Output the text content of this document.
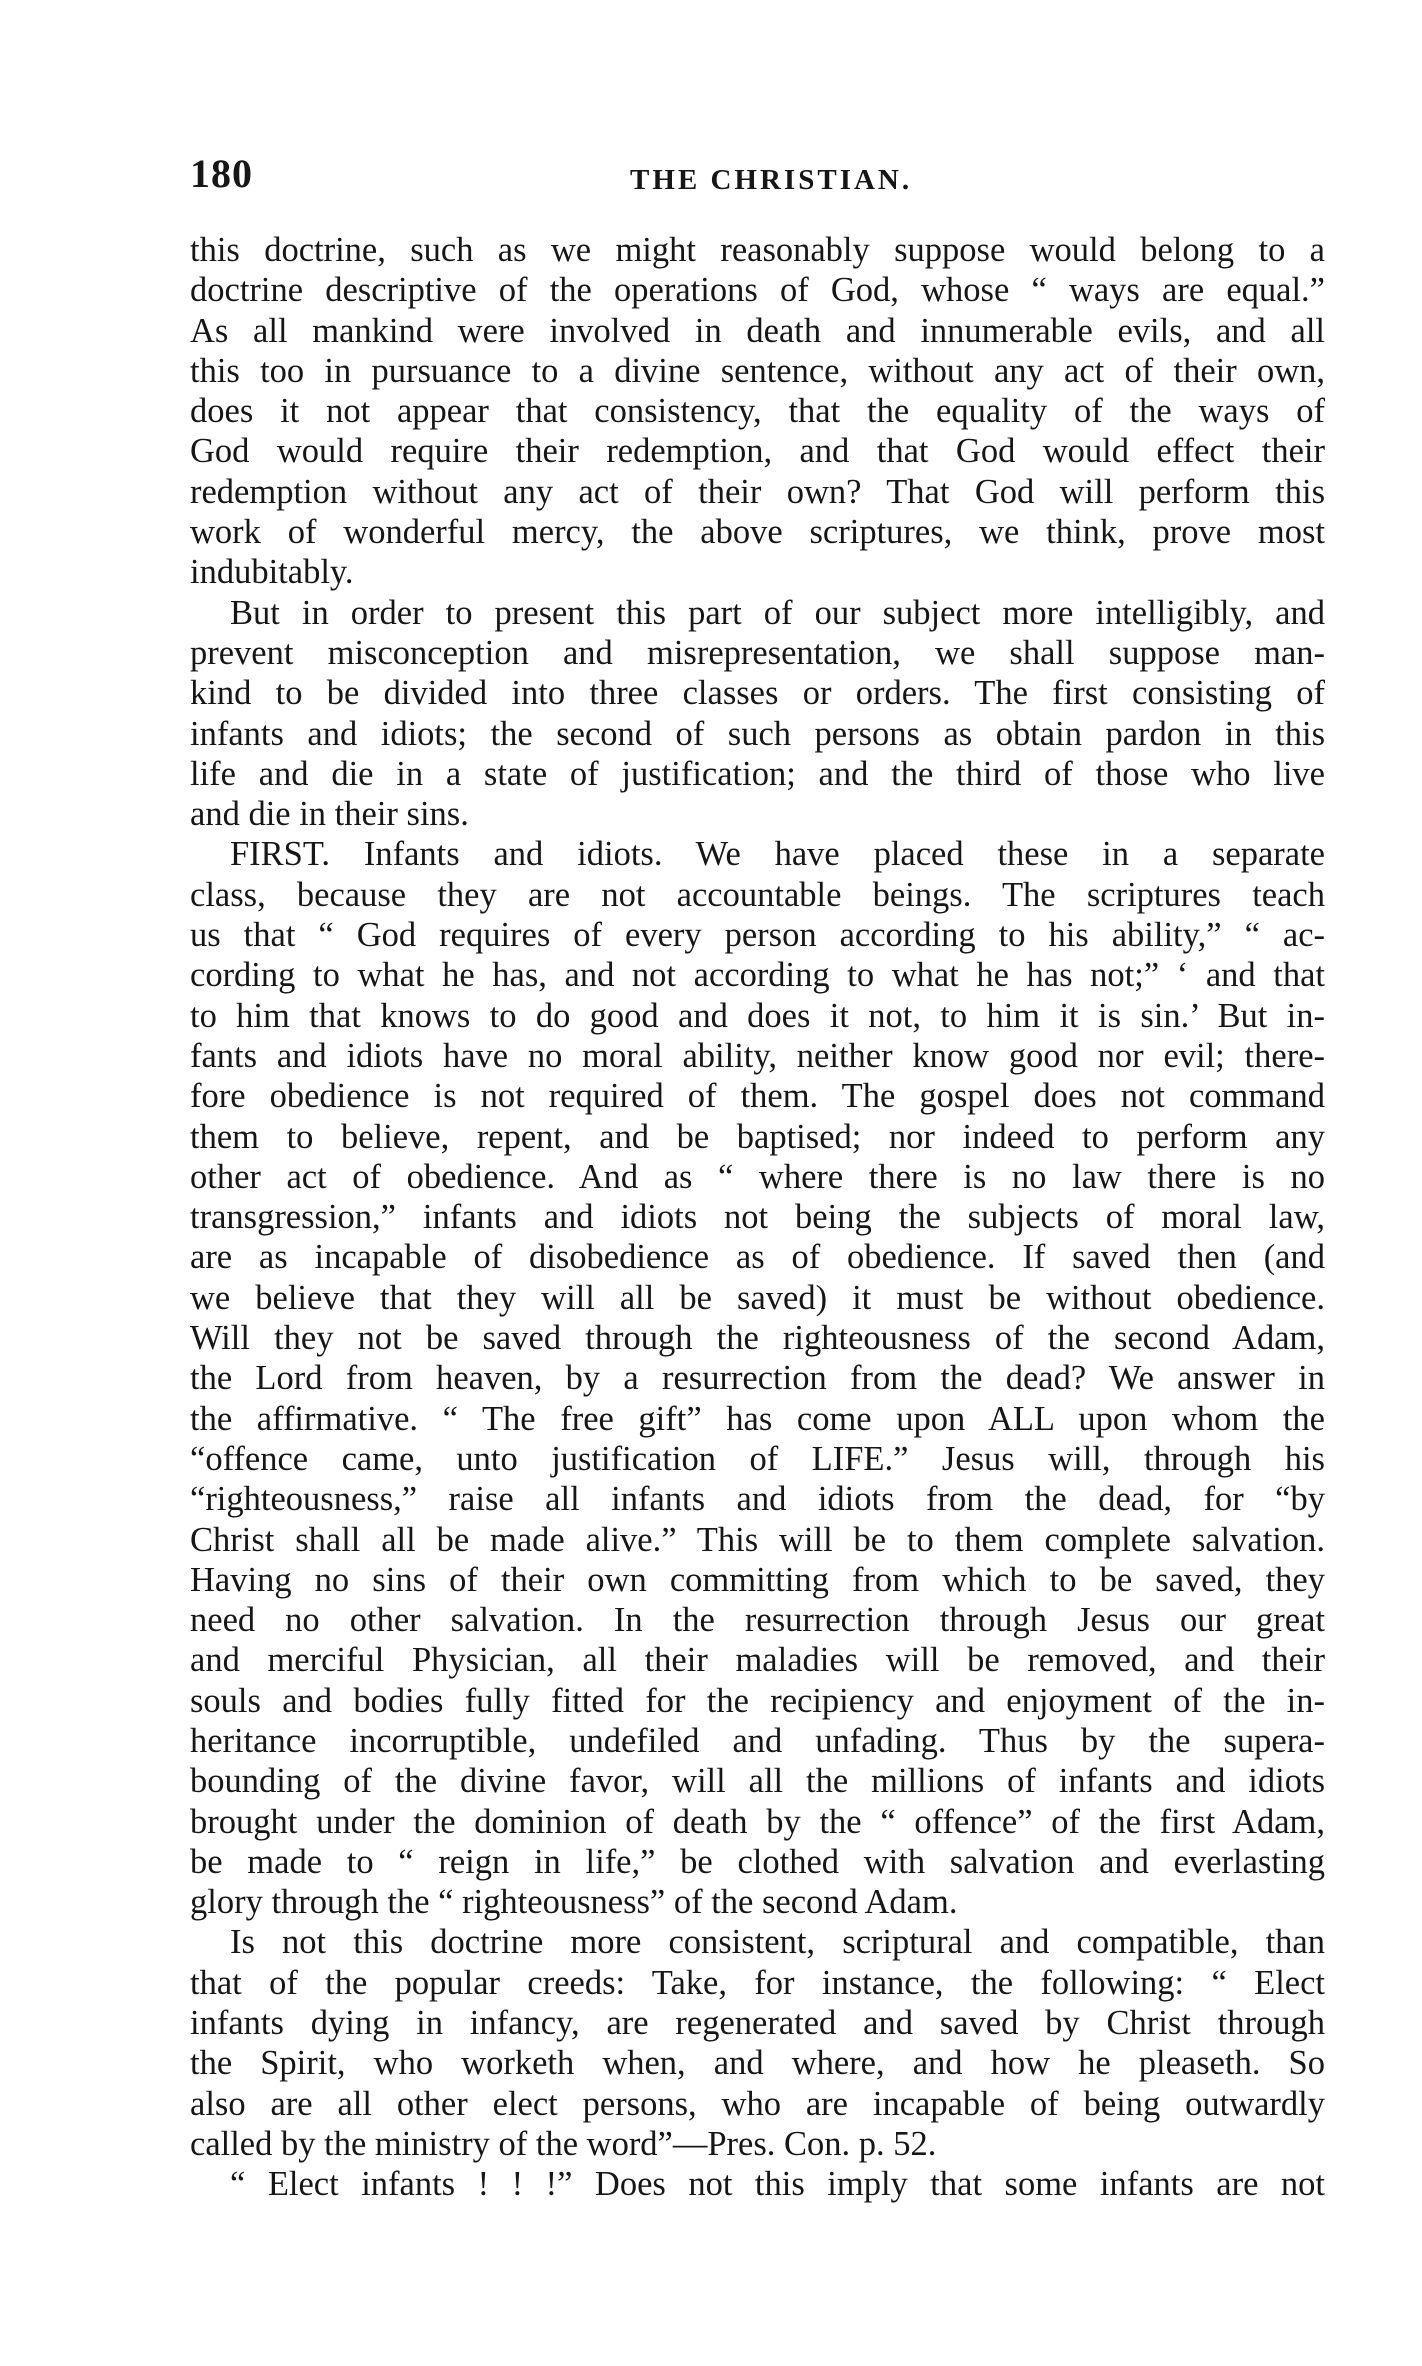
180	THE CHRISTIAN.
this doctrine, such as we might reasonably suppose would belong to a
doctrine descriptive of the operations of God, whose “ ways are equal.”
As all mankind were involved in death and innumerable evils, and all
this too in pursuance to a divine sentence, without any act of their own,
does it not appear that consistency, that the equality of the ways of
God would require their redemption, and that God would effect their
redemption without any act of their own? That God will perform this
work of wonderful mercy, the above scriptures, we think, prove most
indubitably.
But in order to present this part of our subject more intelligibly, and
prevent misconception and misrepresentation, we shall suppose man-
kind to be divided into three classes or orders. The first consisting of
infants and idiots; the second of such persons as obtain pardon in this
life and die in a state of justification; and the third of those who live
and die in their sins.
FIRST. Infants and idiots. We have placed these in a separate
class, because they are not accountable beings. The scriptures teach
us that “ God requires of every person according to his ability,” “ ac-
cording to what he has, and not according to what he has not;” ‘ and that
to him that knows to do good and does it not, to him it is sin.’ But in-
fants and idiots have no moral ability, neither know good nor evil; there-
fore obedience is not required of them. The gospel does not command
them to believe, repent, and be baptised; nor indeed to perform any
other act of obedience. And as “ where there is no law there is no
transgression,” infants and idiots not being the subjects of moral law,
are as incapable of disobedience as of obedience. If saved then (and
we believe that they will all be saved) it must be without obedience.
Will they not be saved through the righteousness of the second Adam,
the Lord from heaven, by a resurrection from the dead? We answer in
the affirmative. “ The free gift” has come upon ALL upon whom the
“offence came, unto justification of LIFE.” Jesus will, through his
“righteousness,” raise all infants and idiots from the dead, for “by
Christ shall all be made alive.” This will be to them complete salvation.
Having no sins of their own committing from which to be saved, they
need no other salvation. In the resurrection through Jesus our great
and merciful Physician, all their maladies will be removed, and their
souls and bodies fully fitted for the recipiency and enjoyment of the in-
heritance incorruptible, undefiled and unfading. Thus by the supera-
bounding of the divine favor, will all the millions of infants and idiots
brought under the dominion of death by the “ offence” of the first Adam,
be made to “ reign in life,” be clothed with salvation and everlasting
glory through the “ righteousness” of the second Adam.
Is not this doctrine more consistent, scriptural and compatible, than
that of the popular creeds: Take, for instance, the following: “ Elect
infants dying in infancy, are regenerated and saved by Christ through
the Spirit, who worketh when, and where, and how he pleaseth. So
also are all other elect persons, who are incapable of being outwardly
called by the ministry of the word”—Pres. Con. p. 52.
“ Elect infants ! ! !” Does not this imply that some infants are not
